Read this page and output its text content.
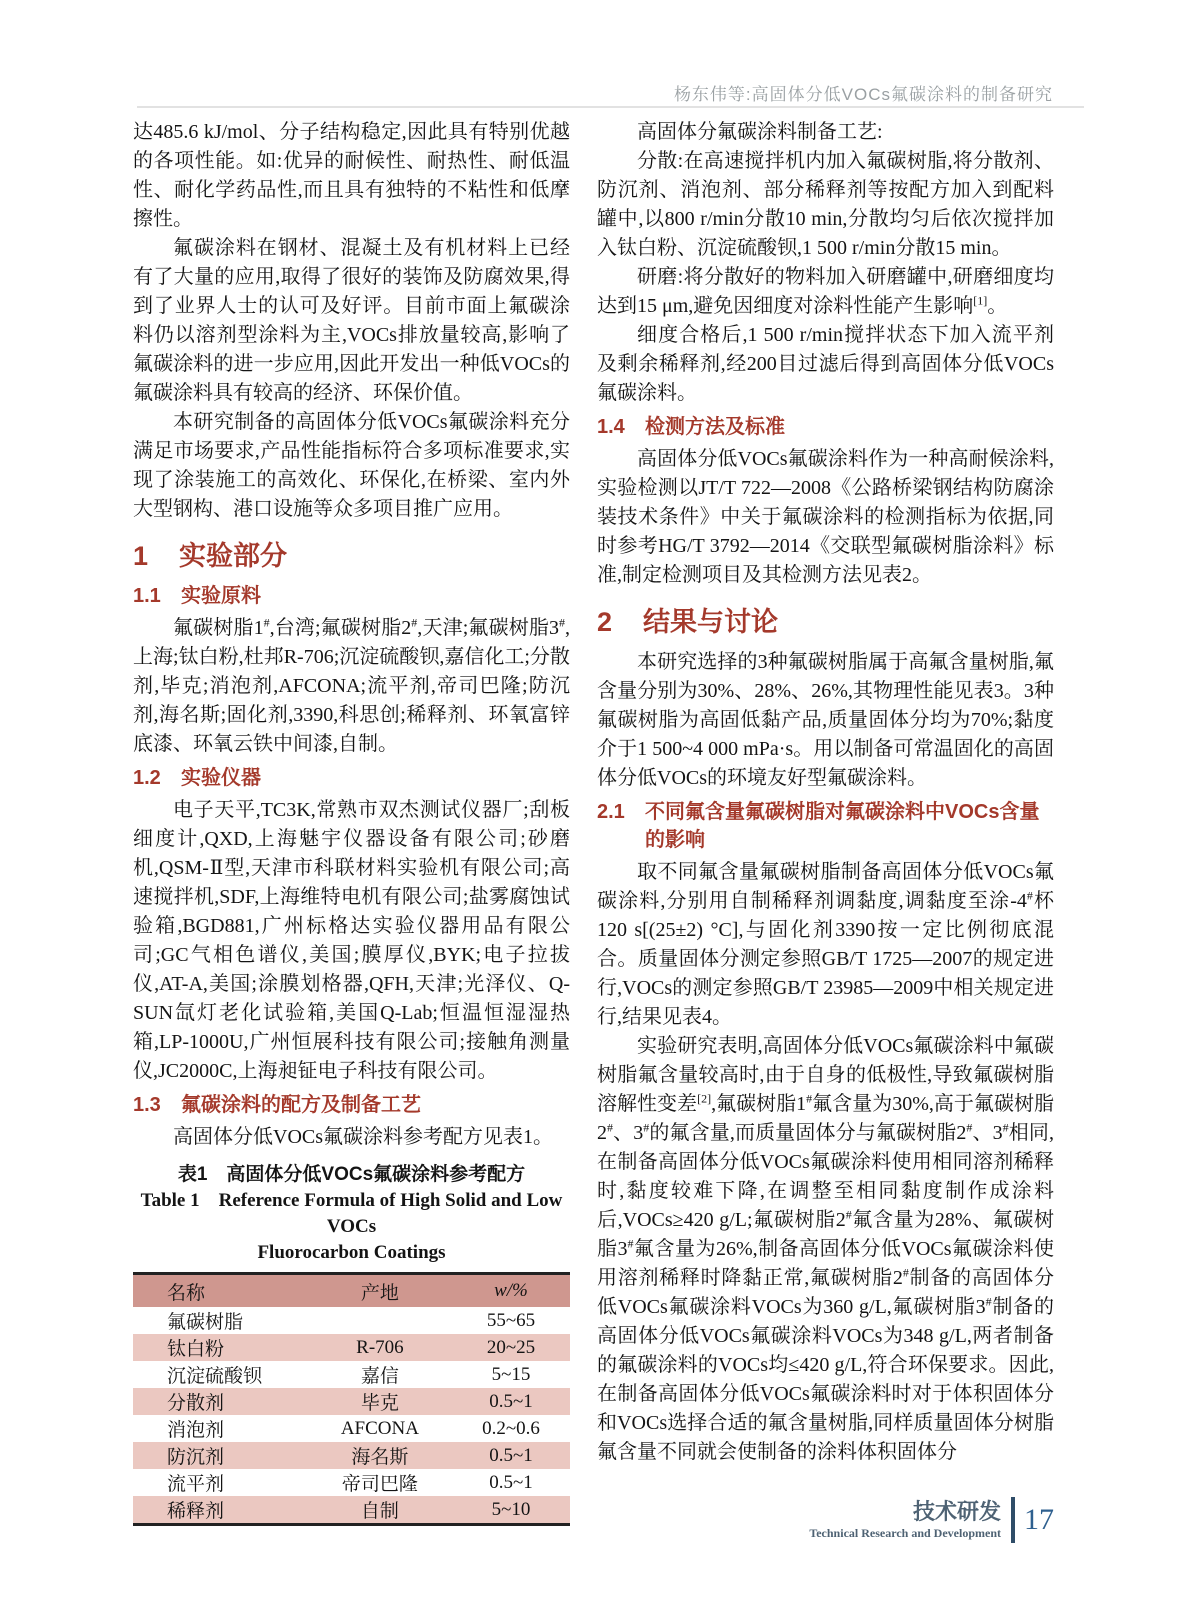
杨东伟等:高固体分低VOCs氟碳涂料的制备研究

达485.6 kJ/mol、分子结构稳定,因此具有特别优越的各项性能。如:优异的耐候性、耐热性、耐低温性、耐化学药品性,而且具有独特的不粘性和低摩擦性。

氟碳涂料在钢材、混凝土及有机材料上已经有了大量的应用,取得了很好的装饰及防腐效果,得到了业界人士的认可及好评。目前市面上氟碳涂料仍以溶剂型涂料为主,VOCs排放量较高,影响了氟碳涂料的进一步应用,因此开发出一种低VOCs的氟碳涂料具有较高的经济、环保价值。

本研究制备的高固体分低VOCs氟碳涂料充分满足市场要求,产品性能指标符合多项标准要求,实现了涂装施工的高效化、环保化,在桥梁、室内外大型钢构、港口设施等众多项目推广应用。

1	实验部分
1.1	实验原料

氟碳树脂1#,台湾;氟碳树脂2#,天津;氟碳树脂3#,上海;钛白粉,杜邦R-706;沉淀硫酸钡,嘉信化工;分散剂,毕克;消泡剂,AFCONA;流平剂,帝司巴隆;防沉剂,海名斯;固化剂,3390,科思创;稀释剂、环氧富锌底漆、环氧云铁中间漆,自制。

1.2	实验仪器

电子天平,TC3K,常熟市双杰测试仪器厂;刮板细度计,QXD,上海魅宇仪器设备有限公司;砂磨机,QSM-Ⅱ型,天津市科联材料实验机有限公司;高速搅拌机,SDF,上海维特电机有限公司;盐雾腐蚀试验箱,BGD881,广州标格达实验仪器用品有限公司;GC气相色谱仪,美国;膜厚仪,BYK;电子拉拔仪,AT-A,美国;涂膜划格器,QFH,天津;光泽仪、Q-SUN氙灯老化试验箱,美国Q-Lab;恒温恒湿湿热箱,LP-1000U,广州恒展科技有限公司;接触角测量仪,JC2000C,上海昶钲电子科技有限公司。

1.3	氟碳涂料的配方及制备工艺

高固体分低VOCs氟碳涂料参考配方见表1。

表1　高固体分低VOCs氟碳涂料参考配方
Table 1　Reference Formula of High Solid and Low VOCs
Fluorocarbon Coatings
名称	产地	w/%
氟碳树脂		55~65
钛白粉	R-706	20~25
沉淀硫酸钡	嘉信	5~15
分散剂	毕克	0.5~1
消泡剂	AFCONA	0.2~0.6
防沉剂	海名斯	0.5~1
流平剂	帝司巴隆	0.5~1
稀释剂	自制	5~10

高固体分氟碳涂料制备工艺:

分散:在高速搅拌机内加入氟碳树脂,将分散剂、防沉剂、消泡剂、部分稀释剂等按配方加入到配料罐中,以800 r/min分散10 min,分散均匀后依次搅拌加入钛白粉、沉淀硫酸钡,1 500 r/min分散15 min。

研磨:将分散好的物料加入研磨罐中,研磨细度均达到15 μm,避免因细度对涂料性能产生影响[1]。

细度合格后,1 500 r/min搅拌状态下加入流平剂及剩余稀释剂,经200目过滤后得到高固体分低VOCs氟碳涂料。

1.4	检测方法及标准

高固体分低VOCs氟碳涂料作为一种高耐候涂料,实验检测以JT/T 722—2008《公路桥梁钢结构防腐涂装技术条件》中关于氟碳涂料的检测指标为依据,同时参考HG/T 3792—2014《交联型氟碳树脂涂料》标准,制定检测项目及其检测方法见表2。

2	结果与讨论

本研究选择的3种氟碳树脂属于高氟含量树脂,氟含量分别为30%、28%、26%,其物理性能见表3。3种氟碳树脂为高固低黏产品,质量固体分均为70%;黏度介于1 500~4 000 mPa·s。用以制备可常温固化的高固体分低VOCs的环境友好型氟碳涂料。

2.1	不同氟含量氟碳树脂对氟碳涂料中VOCs含量的影响

取不同氟含量氟碳树脂制备高固体分低VOCs氟碳涂料,分别用自制稀释剂调黏度,调黏度至涂-4#杯120 s[(25±2) °C],与固化剂3390按一定比例彻底混合。质量固体分测定参照GB/T 1725—2007的规定进行,VOCs的测定参照GB/T 23985—2009中相关规定进行,结果见表4。

实验研究表明,高固体分低VOCs氟碳涂料中氟碳树脂氟含量较高时,由于自身的低极性,导致氟碳树脂溶解性变差[2],氟碳树脂1#氟含量为30%,高于氟碳树脂2#、3#的氟含量,而质量固体分与氟碳树脂2#、3#相同,在制备高固体分低VOCs氟碳涂料使用相同溶剂稀释时,黏度较难下降,在调整至相同黏度制作成涂料后,VOCs≥420 g/L;氟碳树脂2#氟含量为28%、氟碳树脂3#氟含量为26%,制备高固体分低VOCs氟碳涂料使用溶剂稀释时降黏正常,氟碳树脂2#制备的高固体分低VOCs氟碳涂料VOCs为360 g/L,氟碳树脂3#制备的高固体分低VOCs氟碳涂料VOCs为348 g/L,两者制备的氟碳涂料的VOCs均≤420 g/L,符合环保要求。因此,在制备高固体分低VOCs氟碳涂料时对于体积固体分和VOCs选择合适的氟含量树脂,同样质量固体分树脂氟含量不同就会使制备的涂料体积固体分

技术研发
Technical Research and Development 17
